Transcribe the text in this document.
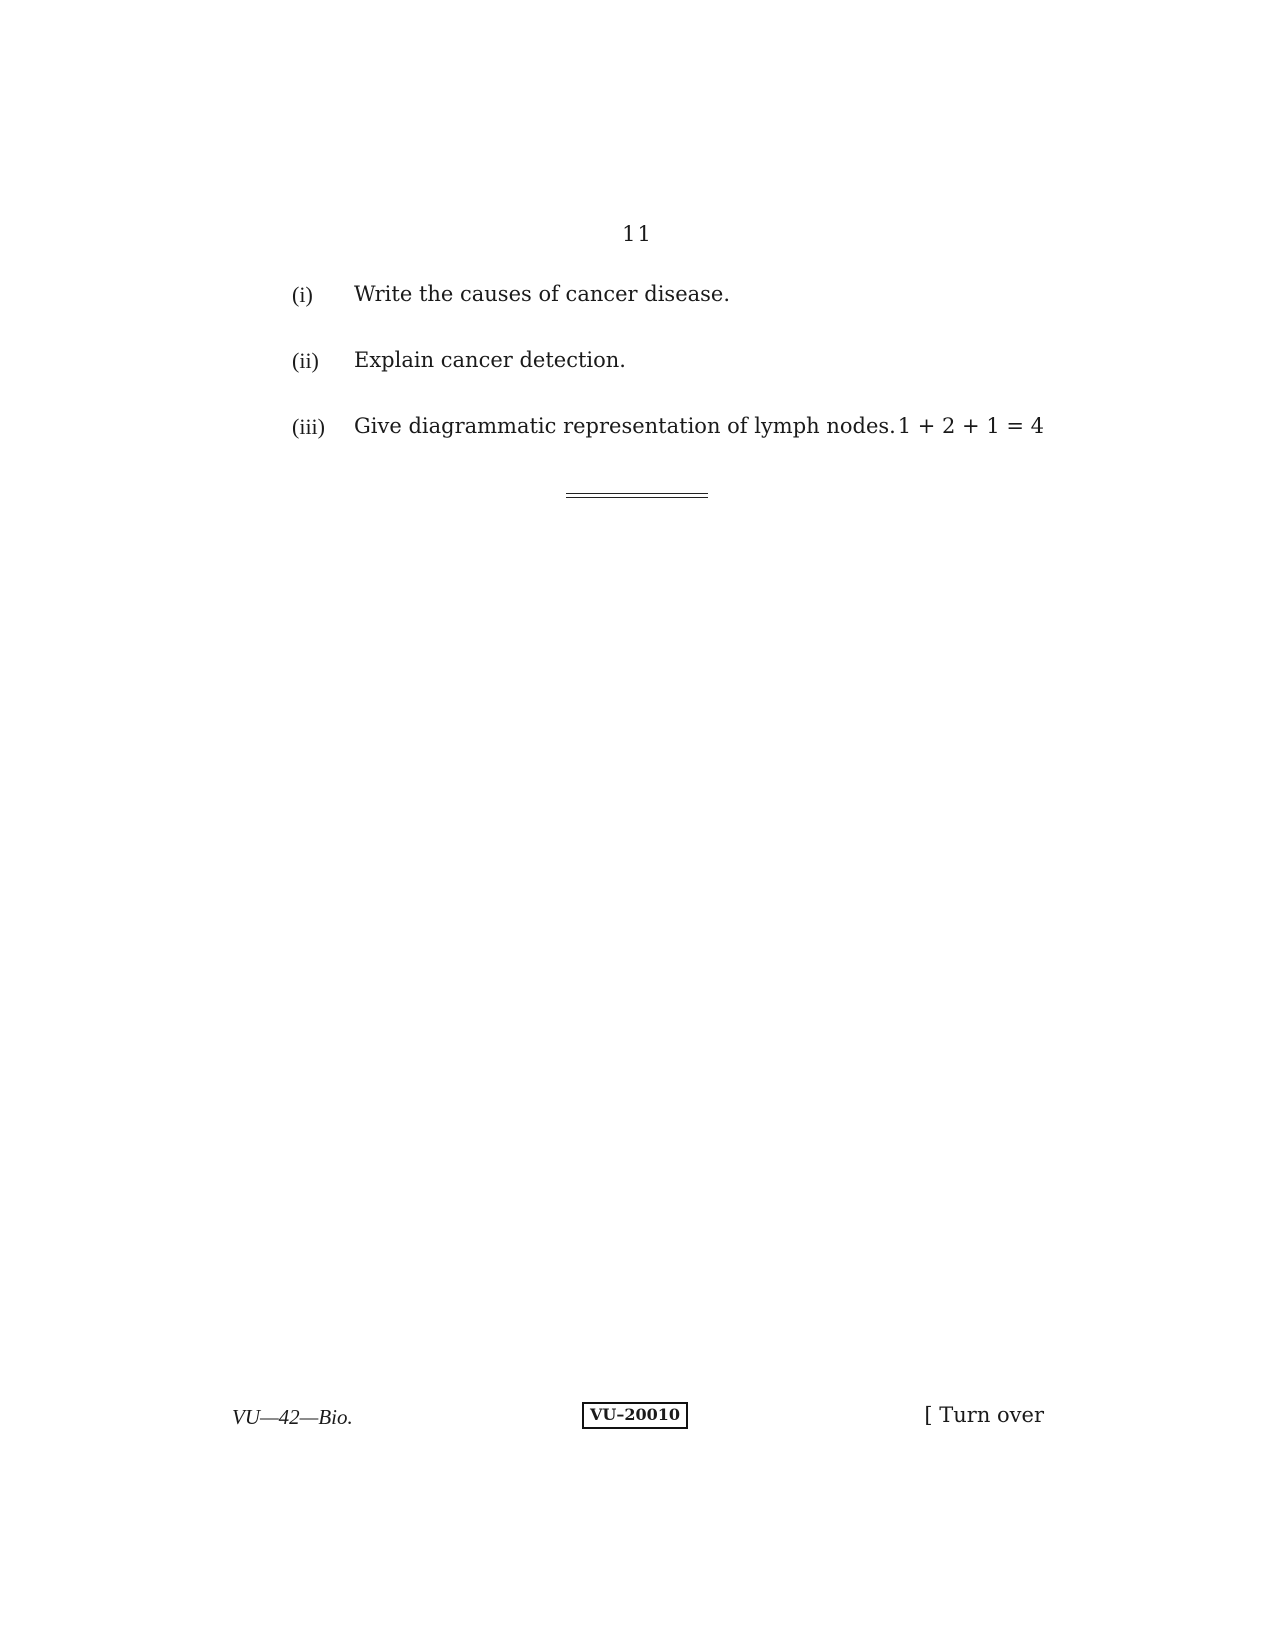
11
(i) Write the causes of cancer disease.
(ii) Explain cancer detection.
(iii) Give diagrammatic representation of lymph nodes. 1 + 2 + 1 = 4
VU—42—Bio.	VU–20010	[ Turn over
